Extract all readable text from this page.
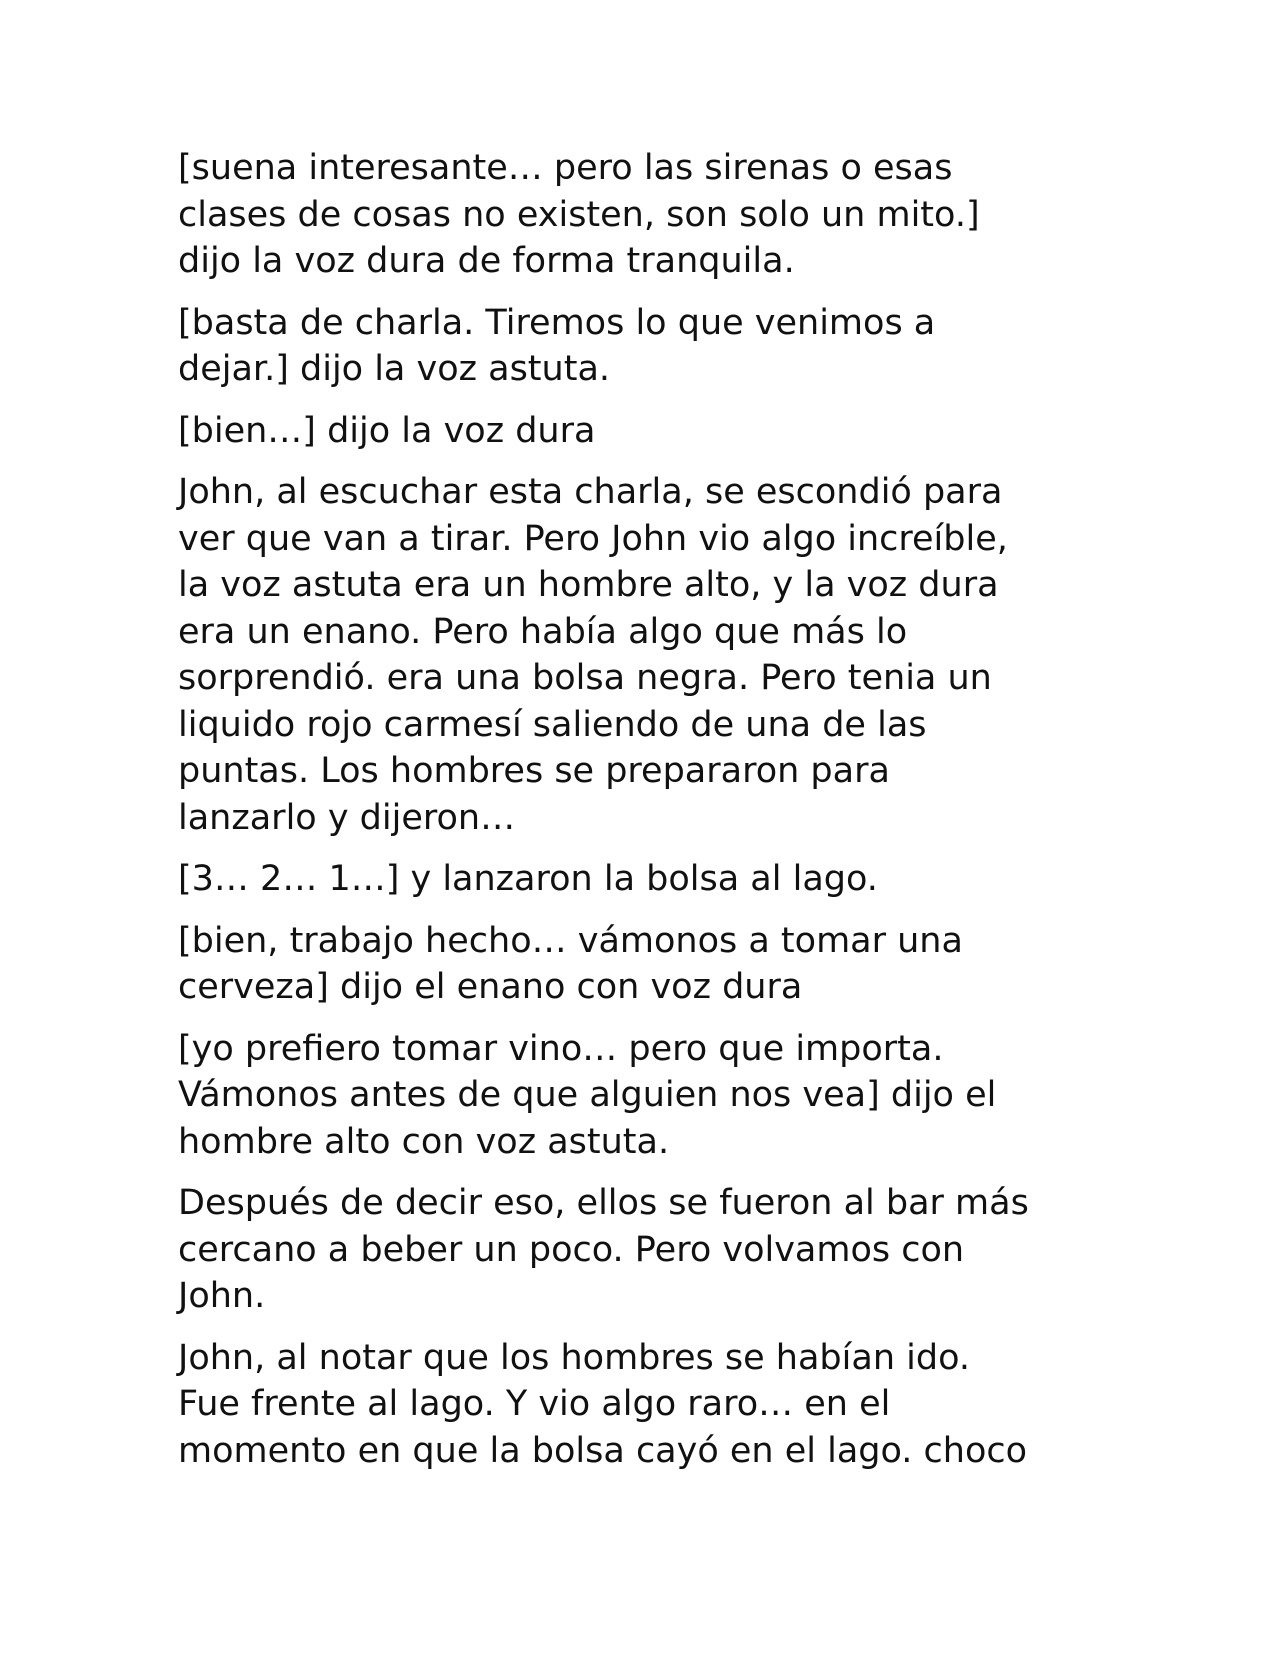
[suena interesante… pero las sirenas o esas
clases de cosas no existen, son solo un mito.]
dijo la voz dura de forma tranquila.

[basta de charla. Tiremos lo que venimos a
dejar.] dijo la voz astuta.

[bien…] dijo la voz dura

John, al escuchar esta charla, se escondió para
ver que van a tirar. Pero John vio algo increíble,
la voz astuta era un hombre alto, y la voz dura
era un enano. Pero había algo que más lo
sorprendió. era una bolsa negra. Pero tenia un
liquido rojo carmesí saliendo de una de las
puntas. Los hombres se prepararon para
lanzarlo y dijeron…

[3… 2… 1…] y lanzaron la bolsa al lago.

[bien, trabajo hecho… vámonos a tomar una
cerveza] dijo el enano con voz dura

[yo prefiero tomar vino… pero que importa.
Vámonos antes de que alguien nos vea] dijo el
hombre alto con voz astuta.

Después de decir eso, ellos se fueron al bar más
cercano a beber un poco. Pero volvamos con
John.

John, al notar que los hombres se habían ido.
Fue frente al lago. Y vio algo raro… en el
momento en que la bolsa cayó en el lago. choco
